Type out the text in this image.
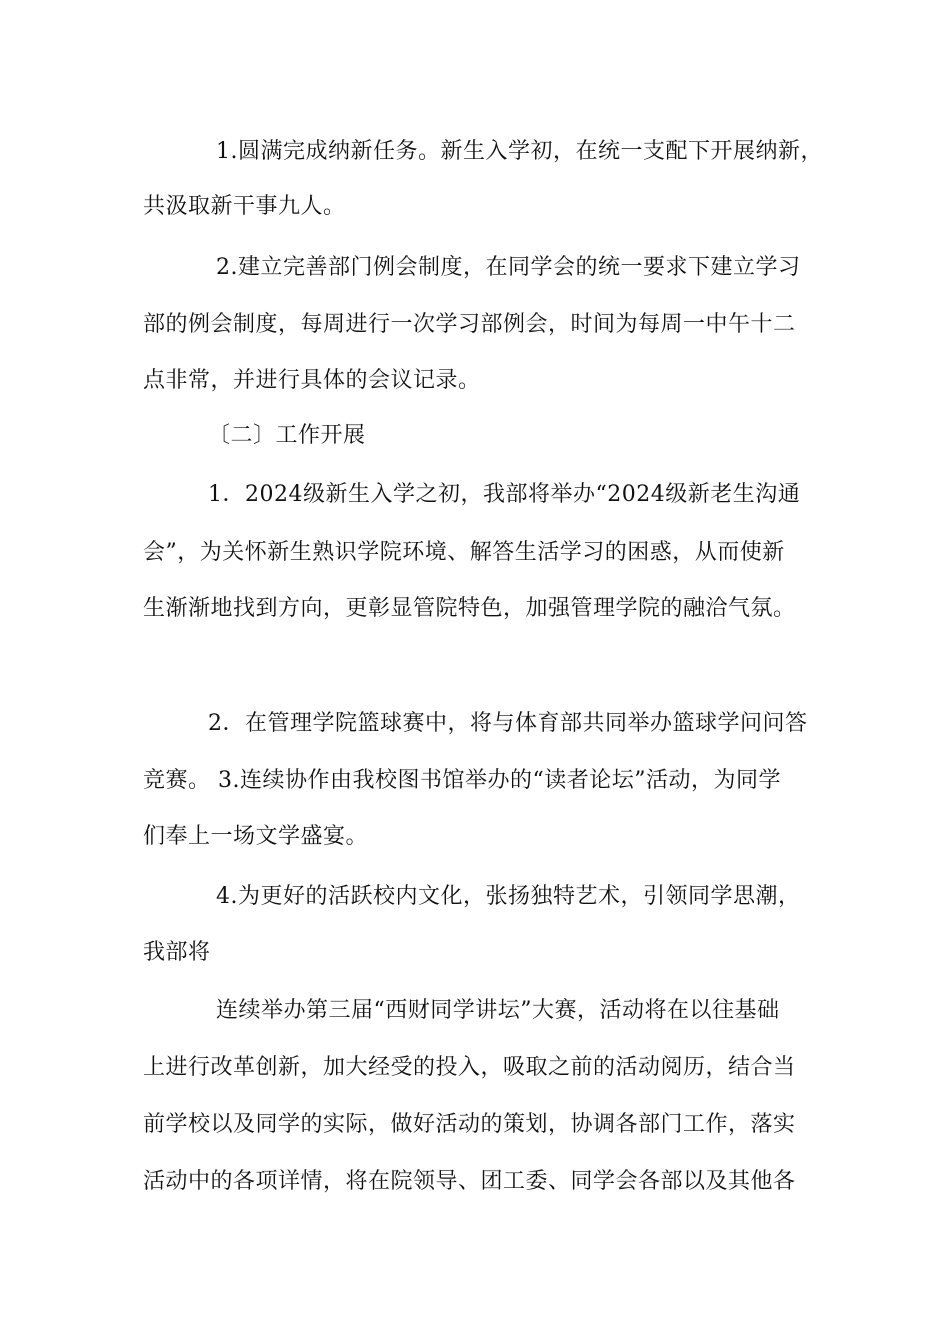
1.圆满完成纳新任务。新生入学初，在统一支配下开展纳新，
共汲取新干事九人。
2.建立完善部门例会制度，在同学会的统一要求下建立学习
部的例会制度，每周进行一次学习部例会，时间为每周一中午十二
点非常，并进行具体的会议记录。
〔二〕工作开展
1．2024级新生入学之初，我部将举办“2024级新老生沟通
会”，为关怀新生熟识学院环境、解答生活学习的困惑，从而使新
生渐渐地找到方向，更彰显管院特色，加强管理学院的融洽气氛。
2．在管理学院篮球赛中，将与体育部共同举办篮球学问问答
竞赛。 3.连续协作由我校图书馆举办的“读者论坛”活动，为同学
们奉上一场文学盛宴。
4.为更好的活跃校内文化，张扬独特艺术，引领同学思潮，
我部将
连续举办第三届“西财同学讲坛”大赛，活动将在以往基础
上进行改革创新，加大经受的投入，吸取之前的活动阅历，结合当
前学校以及同学的实际，做好活动的策划，协调各部门工作，落实
活动中的各项详情，将在院领导、团工委、同学会各部以及其他各
